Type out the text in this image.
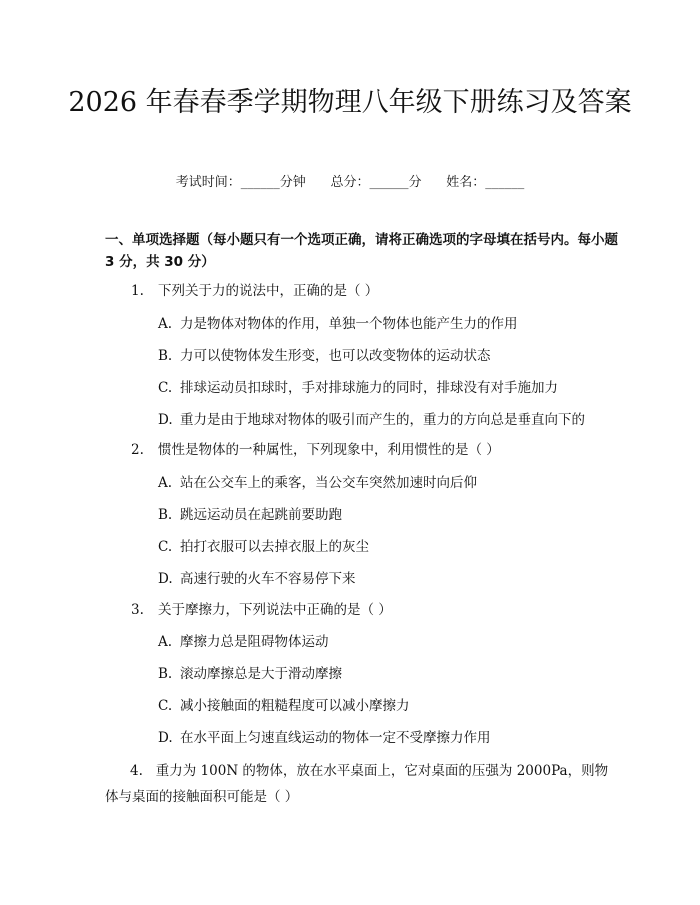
2026 年春春季学期物理八年级下册练习及答案
考试时间：______分钟      总分：______分      姓名：______
一、单项选择题（每小题只有一个选项正确，请将正确选项的字母填在括号内。每小题 3 分，共 30 分）
1. 下列关于力的说法中，正确的是（ ）
A. 力是物体对物体的作用，单独一个物体也能产生力的作用
B. 力可以使物体发生形变，也可以改变物体的运动状态
C. 排球运动员扣球时，手对排球施力的同时，排球没有对手施加力
D. 重力是由于地球对物体的吸引而产生的，重力的方向总是垂直向下的
2. 惯性是物体的一种属性，下列现象中，利用惯性的是（ ）
A. 站在公交车上的乘客，当公交车突然加速时向后仰
B. 跳远运动员在起跳前要助跑
C. 拍打衣服可以去掉衣服上的灰尘
D. 高速行驶的火车不容易停下来
3. 关于摩擦力，下列说法中正确的是（ ）
A. 摩擦力总是阻碍物体运动
B. 滚动摩擦总是大于滑动摩擦
C. 减小接触面的粗糙程度可以减小摩擦力
D. 在水平面上匀速直线运动的物体一定不受摩擦力作用
4. 重力为 100N 的物体，放在水平桌面上，它对桌面的压强为 2000Pa，则物体与桌面的接触面积可能是（ ）
